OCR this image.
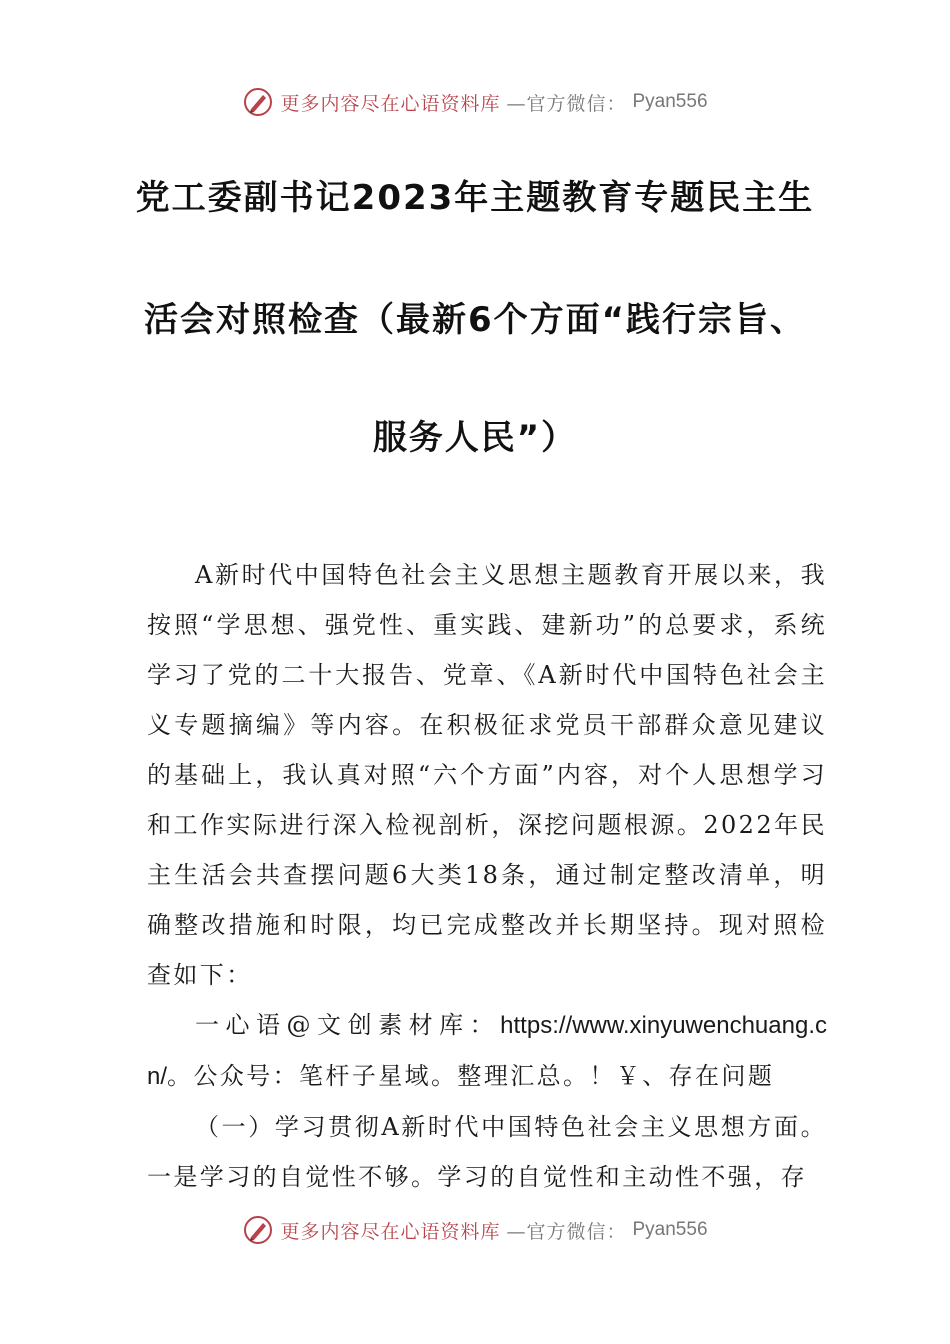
更多内容尽在心语资料库 —官方微信： Pyan556
党工委副书记2023年主题教育专题民主生
活会对照检查（最新6个方面“践行宗旨、
服务人民”）

A新时代中国特色社会主义思想主题教育开展以来，我按照“学思想、强党性、重实践、建新功”的总要求，系统学习了党的二十大报告、党章、《A新时代中国特色社会主义专题摘编》等内容。在积极征求党员干部群众意见建议的基础上，我认真对照“六个方面”内容，对个人思想学习和工作实际进行深入检视剖析，深挖问题根源。2022年民主生活会共查摆问题6大类18条，通过制定整改清单，明确整改措施和时限，均已完成整改并长期坚持。现对照检查如下：

一心语@文创素材库：https://www.xinyuwenchuang.cn/。公众号：笔杆子星域。整理汇总。！￥、存在问题

（一）学习贯彻A新时代中国特色社会主义思想方面。一是学习的自觉性不够。学习的自觉性和主动性不强，存

更多内容尽在心语资料库 —官方微信： Pyan556
